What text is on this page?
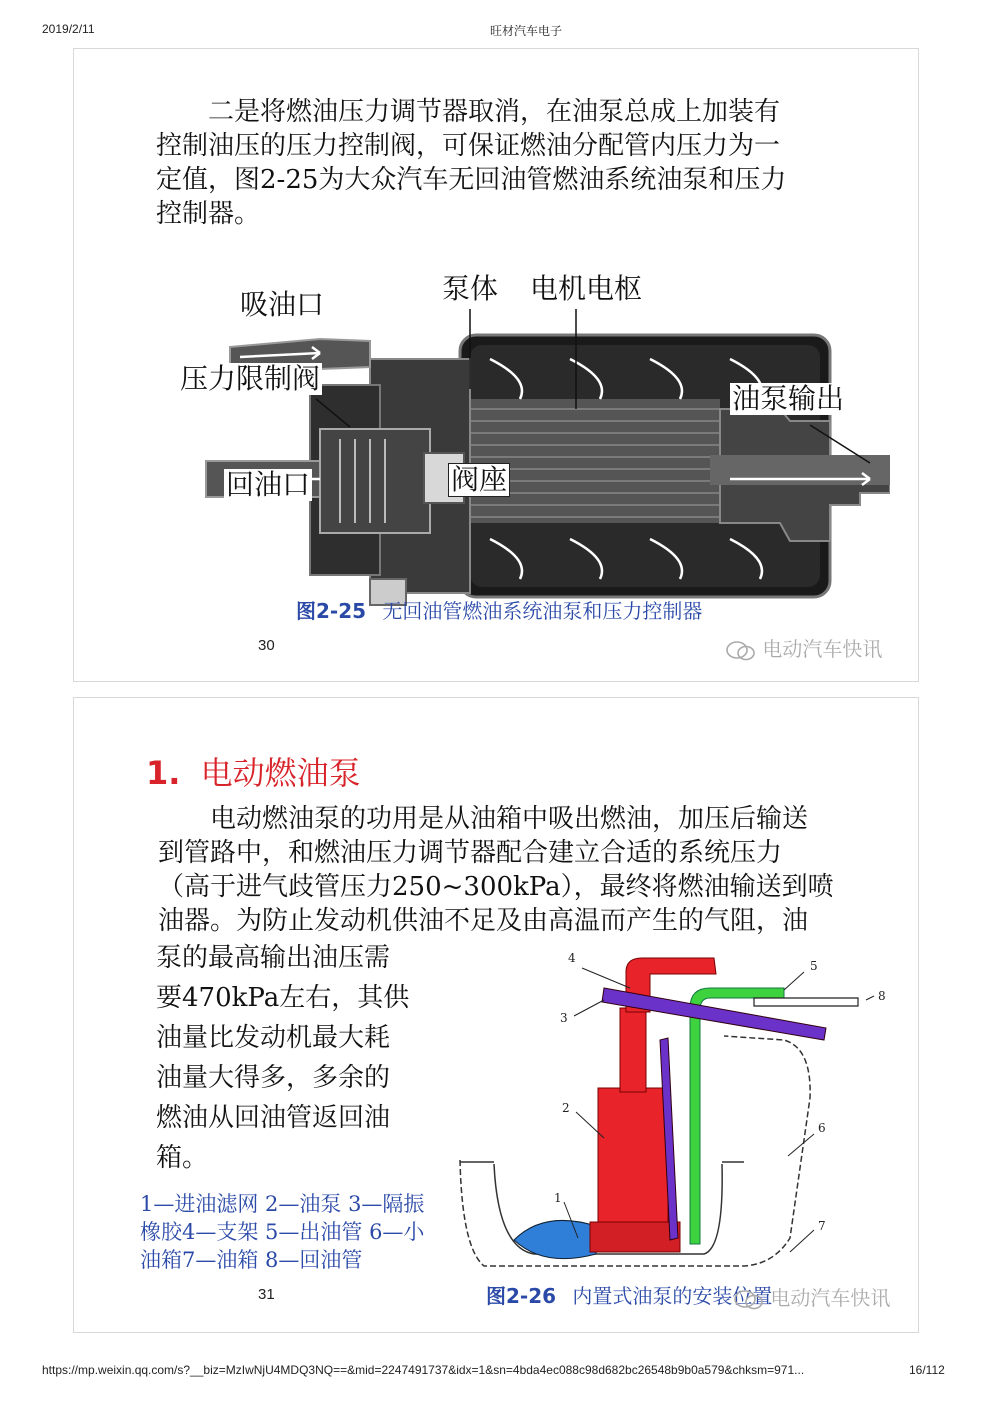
2019/2/11	旺材汽车电子
二是将燃油压力调节器取消，在油泵总成上加装有
控制油压的压力控制阀，可保证燃油分配管内压力为一
定值，图2-25为大众汽车无回油管燃油系统油泵和压力
控制器。
吸油口	泵体 电机电枢
压力限制阀
油泵输出
回油口	阀座
图2-25 无回油管燃油系统油泵和压力控制器
30	电动汽车快讯
1. 电动燃油泵
电动燃油泵的功用是从油箱中吸出燃油，加压后输送
到管路中，和燃油压力调节器配合建立合适的系统压力
（高于进气歧管压力250~300kPa），最终将燃油输送到喷
油器。为防止发动机供油不足及由高温而产生的气阻，油
泵的最高输出油压需
要470kPa左右，其供
油量比发动机最大耗
油量大得多，多余的
燃油从回油管返回油
箱。
4
5
8
3
2
6
1
7
1—进油滤网 2—油泵 3—隔振
橡胶4—支架 5—出油管 6—小
油箱7—油箱 8—回油管
图2-26 内置式油泵的安装位置
31	电动汽车快讯
https://mp.weixin.qq.com/s?__biz=MzIwNjU4MDQ3NQ==&mid=2247491737&idx=1&sn=4bda4ec088c98d682bc26548b9b0a579&chksm=971...	16/112
